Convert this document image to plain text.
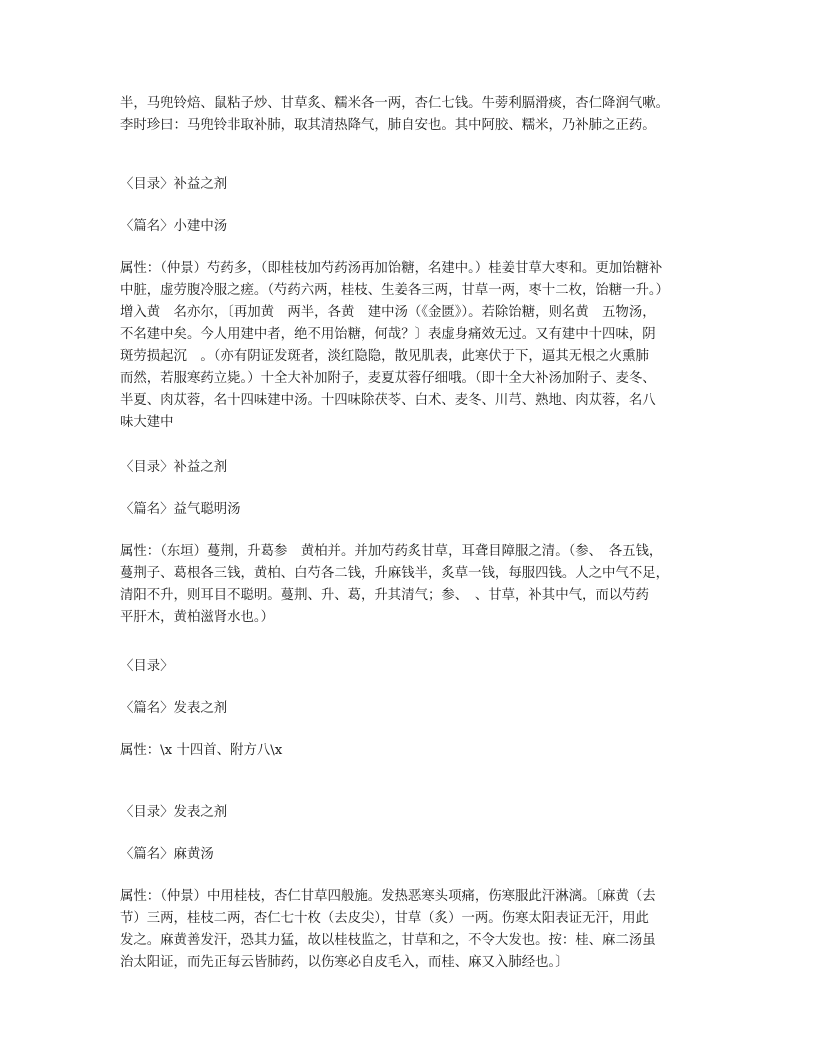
半，马兜铃焙、鼠粘子炒、甘草炙、糯米各一两，杏仁七钱。牛蒡利膈滑痰，杏仁降润气嗽。

李时珍曰：马兜铃非取补肺，取其清热降气，肺自安也。其中阿胶、糯米，乃补肺之正药。

〈目录〉补益之剂

〈篇名〉小建中汤

属性：（仲景）芍药多，（即桂枝加芍药汤再加饴糖，名建中。）桂姜甘草大枣和。更加饴糖补
中脏，虚劳腹冷服之瘥。（芍药六两，桂枝、生姜各三两，甘草一两，枣十二枚，饴糖一升。）
增入黄　名亦尔，〔再加黄　两半，各黄　建中汤（《金匮》）。若除饴糖，则名黄　五物汤，
不名建中矣。今人用建中者，绝不用饴糖，何哉？〕表虚身痛效无过。又有建中十四味，阴
斑劳损起沉　。（亦有阴证发斑者，淡红隐隐，散见肌表，此寒伏于下，逼其无根之火熏肺
而然，若服寒药立毙。）十全大补加附子，麦夏苁蓉仔细哦。（即十全大补汤加附子、麦冬、
半夏、肉苁蓉，名十四味建中汤。十四味除茯苓、白术、麦冬、川芎、熟地、肉苁蓉，名八
味大建中

〈目录〉补益之剂

〈篇名〉益气聪明汤

属性：（东垣）蔓荆，升葛参　黄柏并。并加芍药炙甘草，耳聋目障服之清。（参、　各五钱，
蔓荆子、葛根各三钱，黄柏、白芍各二钱，升麻钱半，炙草一钱，每服四钱。人之中气不足，
清阳不升，则耳目不聪明。蔓荆、升、葛，升其清气；参、　、甘草，补其中气，而以芍药
平肝木，黄柏滋肾水也。）

〈目录〉

〈篇名〉发表之剂

属性：\x 十四首、附方八\x

〈目录〉发表之剂

〈篇名〉麻黄汤

属性：（仲景）中用桂枝，杏仁甘草四般施。发热恶寒头项痛，伤寒服此汗淋漓。〔麻黄（去
节）三两，桂枝二两，杏仁七十枚（去皮尖），甘草（炙）一两。伤寒太阳表证无汗，用此
发之。麻黄善发汗，恐其力猛，故以桂枝监之，甘草和之，不令大发也。按：桂、麻二汤虽
治太阳证，而先正每云皆肺药，以伤寒必自皮毛入，而桂、麻又入肺经也。〕
